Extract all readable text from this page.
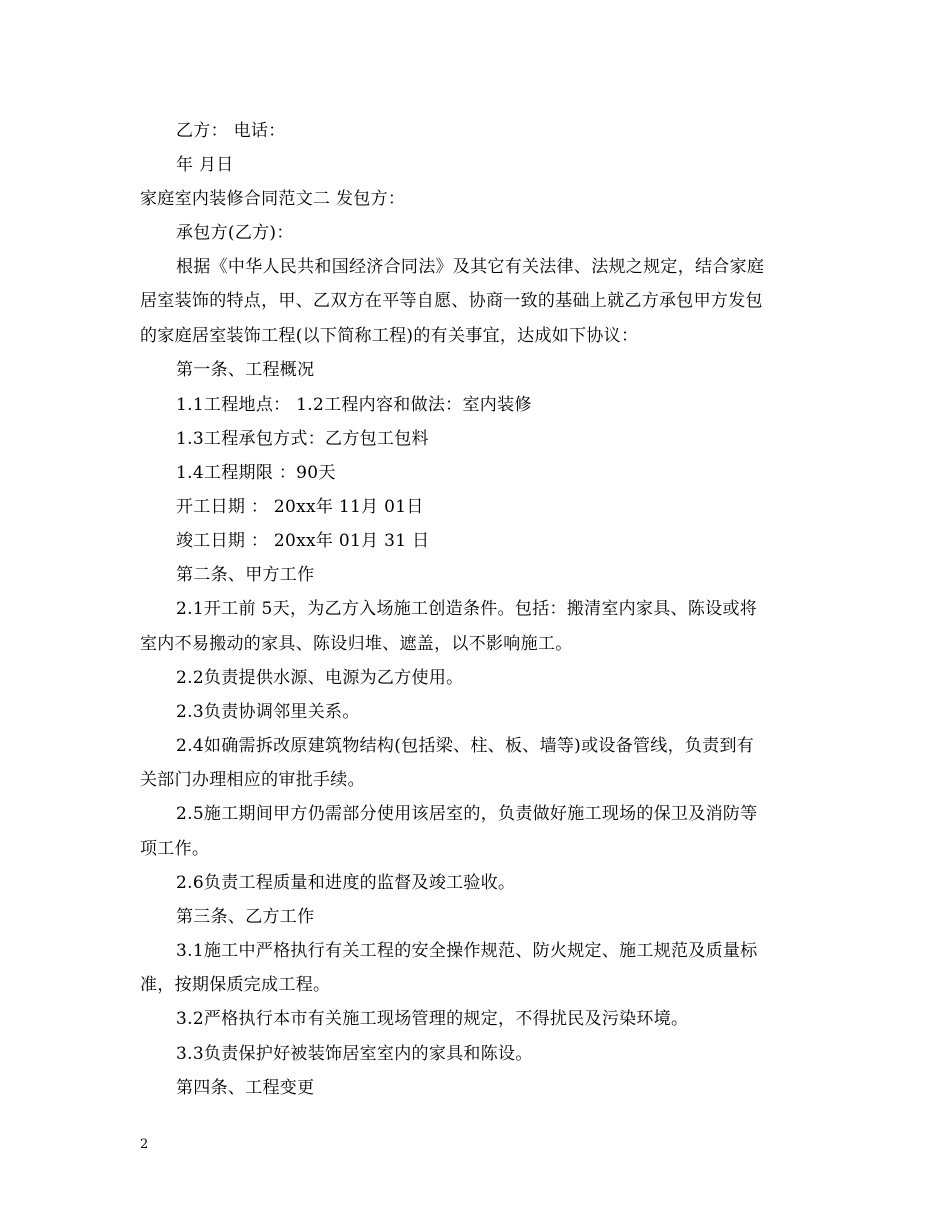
乙方： 电话：
年 月日
家庭室内装修合同范文二 发包方：
承包方(乙方)：
根据《中华人民共和国经济合同法》及其它有关法律、法规之规定，结合家庭
居室装饰的特点，甲、乙双方在平等自愿、协商一致的基础上就乙方承包甲方发包
的家庭居室装饰工程(以下简称工程)的有关事宜，达成如下协议：
第一条、工程概况
1.1工程地点： 1.2工程内容和做法：室内装修
1.3工程承包方式：乙方包工包料
1.4工程期限 ：90天
开工日期 ： 20xx年 11月 01日
竣工日期 ： 20xx年 01月 31 日
第二条、甲方工作
2.1开工前 5天，为乙方入场施工创造条件。包括：搬清室内家具、陈设或将
室内不易搬动的家具、陈设归堆、遮盖，以不影响施工。
2.2负责提供水源、电源为乙方使用。
2.3负责协调邻里关系。
2.4如确需拆改原建筑物结构(包括梁、柱、板、墙等)或设备管线，负责到有
关部门办理相应的审批手续。
2.5施工期间甲方仍需部分使用该居室的，负责做好施工现场的保卫及消防等
项工作。
2.6负责工程质量和进度的监督及竣工验收。
第三条、乙方工作
3.1施工中严格执行有关工程的安全操作规范、防火规定、施工规范及质量标
准，按期保质完成工程。
3.2严格执行本市有关施工现场管理的规定，不得扰民及污染环境。
3.3负责保护好被装饰居室室内的家具和陈设。
第四条、工程变更
2
